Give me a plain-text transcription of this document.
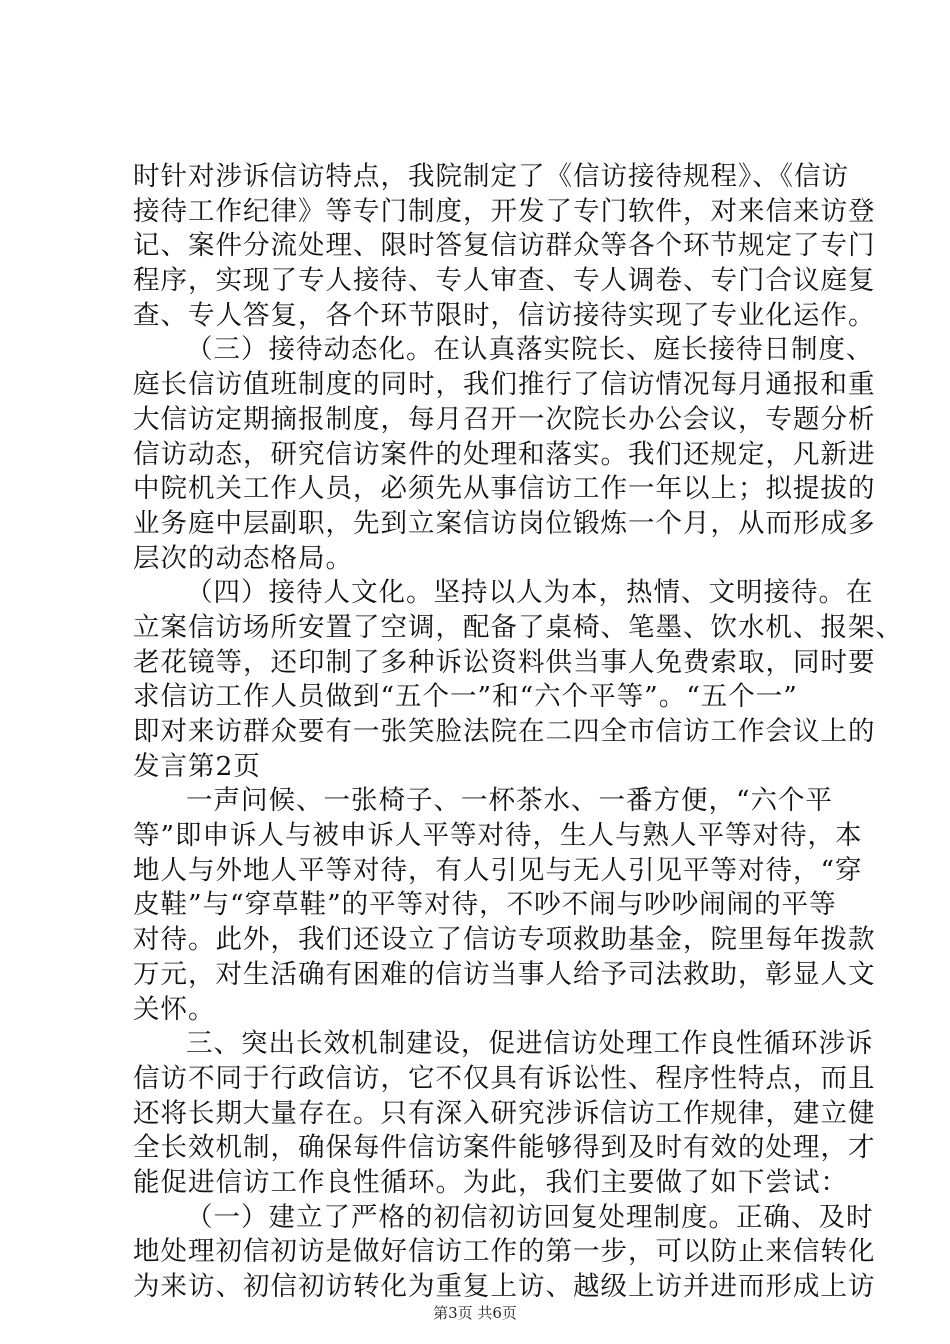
时针对涉诉信访特点，我院制定了《信访接待规程》、《信访
接待工作纪律》等专门制度，开发了专门软件，对来信来访登
记、案件分流处理、限时答复信访群众等各个环节规定了专门
程序，实现了专人接待、专人审查、专人调卷、专门合议庭复
查、专人答复，各个环节限时，信访接待实现了专业化运作。
（三）接待动态化。在认真落实院长、庭长接待日制度、
庭长信访值班制度的同时，我们推行了信访情况每月通报和重
大信访定期摘报制度，每月召开一次院长办公会议，专题分析
信访动态，研究信访案件的处理和落实。我们还规定，凡新进
中院机关工作人员，必须先从事信访工作一年以上；拟提拔的
业务庭中层副职，先到立案信访岗位锻炼一个月，从而形成多
层次的动态格局。
（四）接待人文化。坚持以人为本，热情、文明接待。在
立案信访场所安置了空调，配备了桌椅、笔墨、饮水机、报架、
老花镜等，还印制了多种诉讼资料供当事人免费索取，同时要
求信访工作人员做到“五个一”和“六个平等”。“五个一”
即对来访群众要有一张笑脸法院在二四全市信访工作会议上的
发言第2页
一声问候、一张椅子、一杯茶水、一番方便，“六个平
等”即申诉人与被申诉人平等对待，生人与熟人平等对待，本
地人与外地人平等对待，有人引见与无人引见平等对待，“穿
皮鞋”与“穿草鞋”的平等对待，不吵不闹与吵吵闹闹的平等
对待。此外，我们还设立了信访专项救助基金，院里每年拨款
万元，对生活确有困难的信访当事人给予司法救助，彰显人文
关怀。
三、突出长效机制建设，促进信访处理工作良性循环涉诉
信访不同于行政信访，它不仅具有诉讼性、程序性特点，而且
还将长期大量存在。只有深入研究涉诉信访工作规律，建立健
全长效机制，确保每件信访案件能够得到及时有效的处理，才
能促进信访工作良性循环。为此，我们主要做了如下尝试：
（一）建立了严格的初信初访回复处理制度。正确、及时
地处理初信初访是做好信访工作的第一步，可以防止来信转化
为来访、初信初访转化为重复上访、越级上访并进而形成上访
第3页 共6页
